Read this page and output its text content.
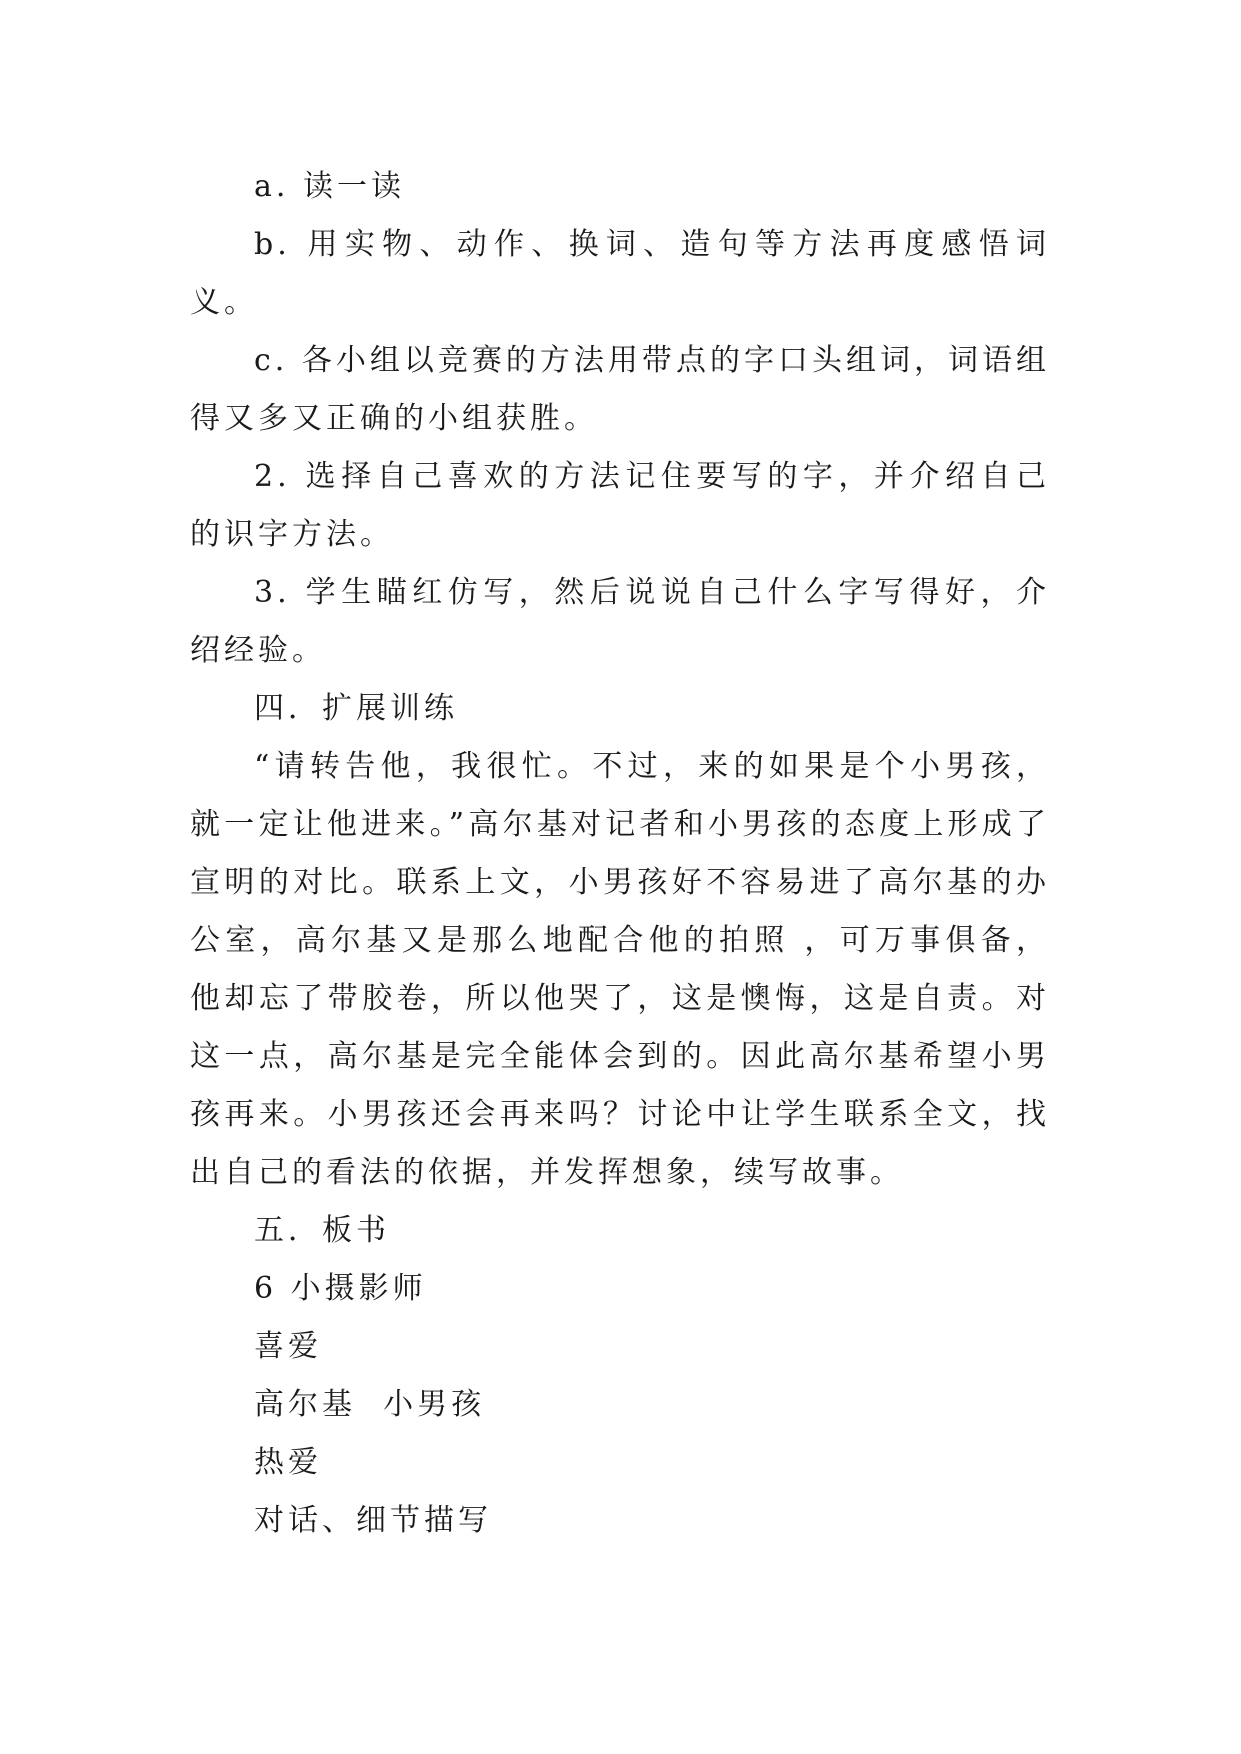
a. 读一读

b. 用实物、动作、换词、造句等方法再度感悟词义。

c. 各小组以竞赛的方法用带点的字口头组词，词语组得又多又正确的小组获胜。

2. 选择自己喜欢的方法记住要写的字，并介绍自己的识字方法。

3. 学生瞄红仿写，然后说说自己什么字写得好，介绍经验。

四．扩展训练

“请转告他，我很忙。不过，来的如果是个小男孩，就一定让他进来。”高尔基对记者和小男孩的态度上形成了宣明的对比。联系上文，小男孩好不容易进了高尔基的办公室，高尔基又是那么地配合他的拍照 ，可万事俱备，他却忘了带胶卷，所以他哭了，这是懊悔，这是自责。对这一点，高尔基是完全能体会到的。因此高尔基希望小男孩再来。小男孩还会再来吗？讨论中让学生联系全文，找出自己的看法的依据，并发挥想象，续写故事。

五．板书

6 小摄影师

喜爱

高尔基  小男孩

热爱

对话、细节描写
